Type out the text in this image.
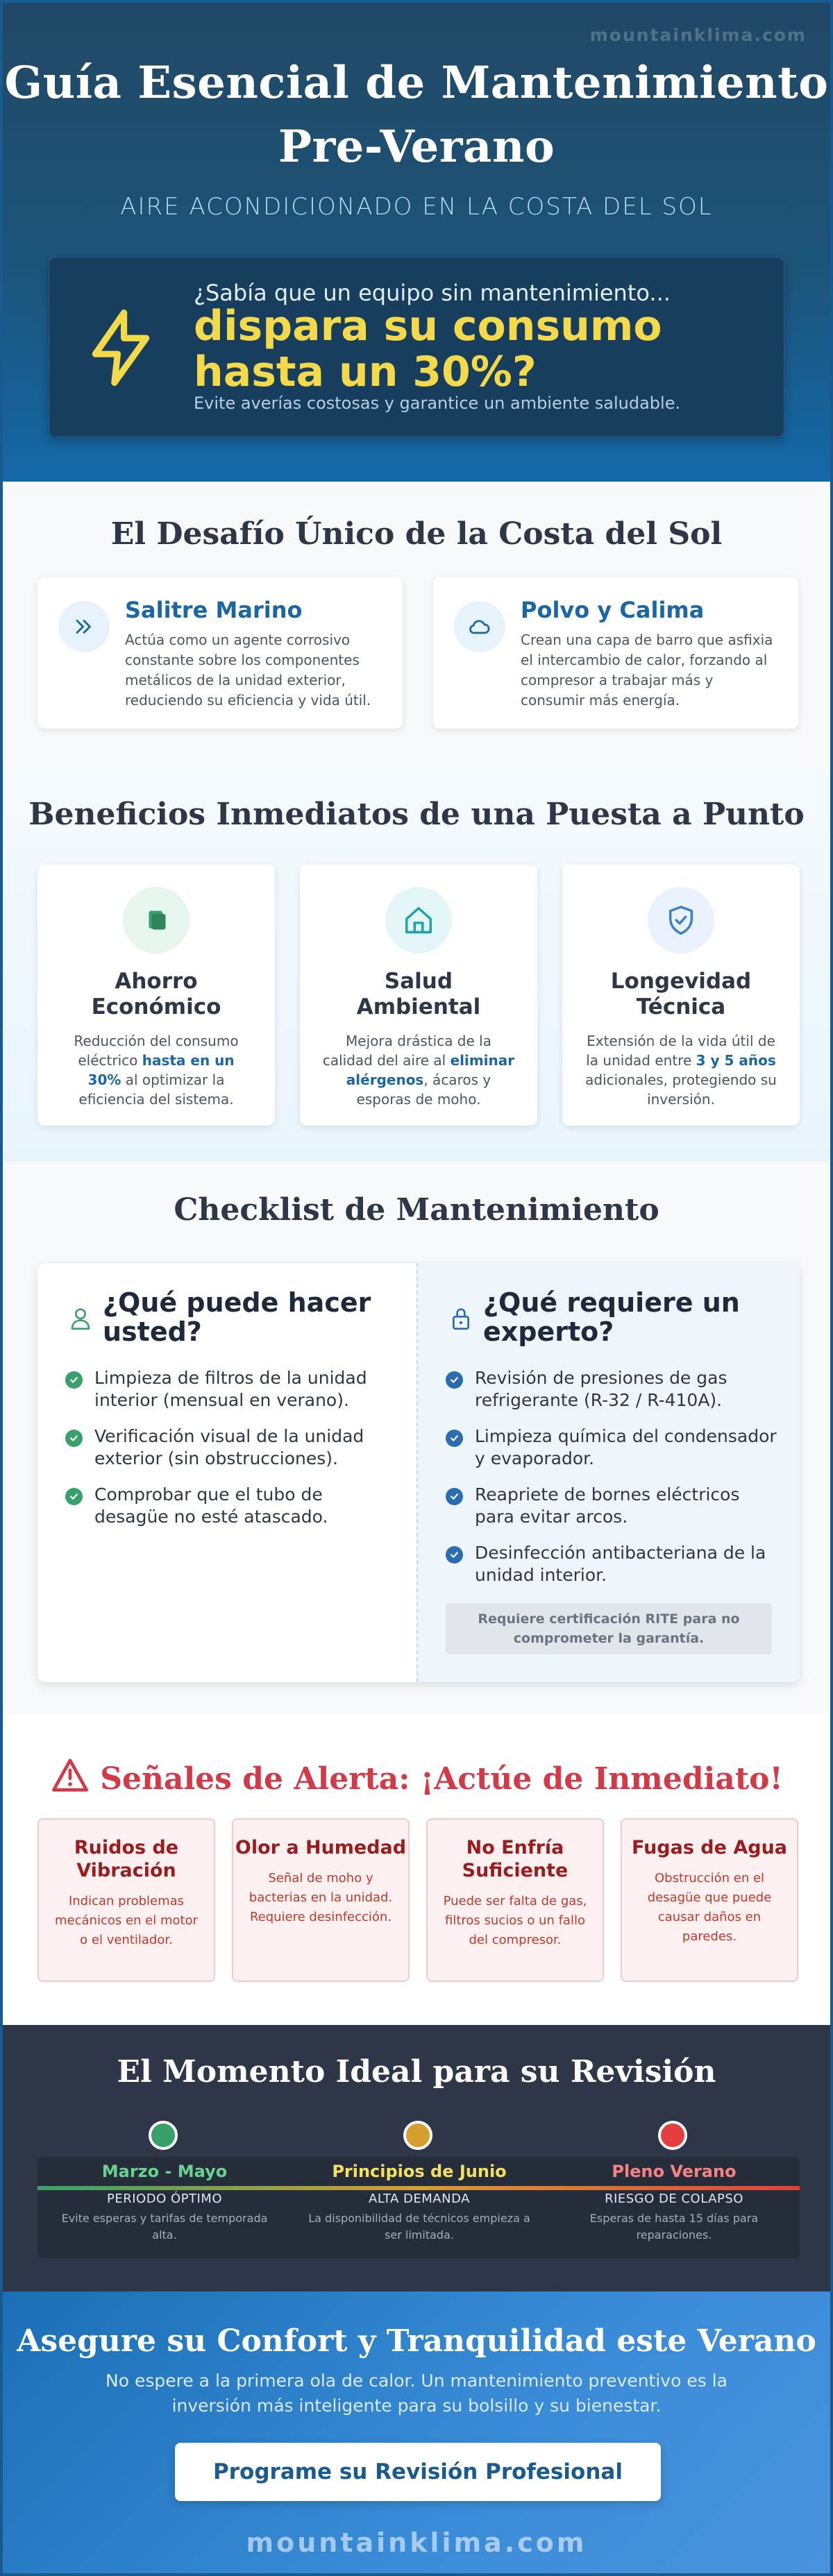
mountainklima.com
Guía Esencial de Mantenimiento
Pre-Verano
AIRE ACONDICIONADO EN LA COSTA DEL SOL
¿Sabía que un equipo sin mantenimiento...
dispara su consumo
hasta un 30%?
Evite averías costosas y garantice un ambiente saludable.
El Desafío Único de la Costa del Sol
Salitre Marino

Actúa como un agente corrosivo constante sobre los componentes metálicos de la unidad exterior, reduciendo su eficiencia y vida útil.

Polvo y Calima

Crean una capa de barro que asfixia el intercambio de calor, forzando al compresor a trabajar más y consumir más energía.

Beneficios Inmediatos de una Puesta a Punto
Ahorro
Económico

Reducción del consumo eléctrico hasta en un 30% al optimizar la eficiencia del sistema.

Salud
Ambiental

Mejora drástica de la calidad del aire al eliminar alérgenos, ácaros y esporas de moho.

Longevidad
Técnica

Extensión de la vida útil de la unidad entre 3 y 5 años adicionales, protegiendo su inversión.

Checklist de Mantenimiento
¿Qué puede hacer usted?
Limpieza de filtros de la unidad interior (mensual en verano).
Verificación visual de la unidad exterior (sin obstrucciones).
Comprobar que el tubo de desagüe no esté atascado.
¿Qué requiere un experto?
Revisión de presiones de gas refrigerante (R-32 / R-410A).
Limpieza química del condensador y evaporador.
Reapriete de bornes eléctricos para evitar arcos.
Desinfección antibacteriana de la unidad interior.
Requiere certificación RITE para no comprometer la garantía.
Señales de Alerta: ¡Actúe de Inmediato!
Ruidos de Vibración

Indican problemas mecánicos en el motor o el ventilador.

Olor a Humedad

Señal de moho y bacterias en la unidad. Requiere desinfección.

No Enfría Suficiente

Puede ser falta de gas, filtros sucios o un fallo del compresor.

Fugas de Agua

Obstrucción en el desagüe que puede causar daños en paredes.

El Momento Ideal para su Revisión
Marzo - Mayo
PERIODO ÓPTIMO
Evite esperas y tarifas de temporada alta.
Principios de Junio
ALTA DEMANDA
La disponibilidad de técnicos empieza a ser limitada.
Pleno Verano
RIESGO DE COLAPSO
Esperas de hasta 15 días para reparaciones.
Asegure su Confort y Tranquilidad este Verano

No espere a la primera ola de calor. Un mantenimiento preventivo es la inversión más inteligente para su bolsillo y su bienestar.

Programe su Revisión Profesional
mountainklima.com
